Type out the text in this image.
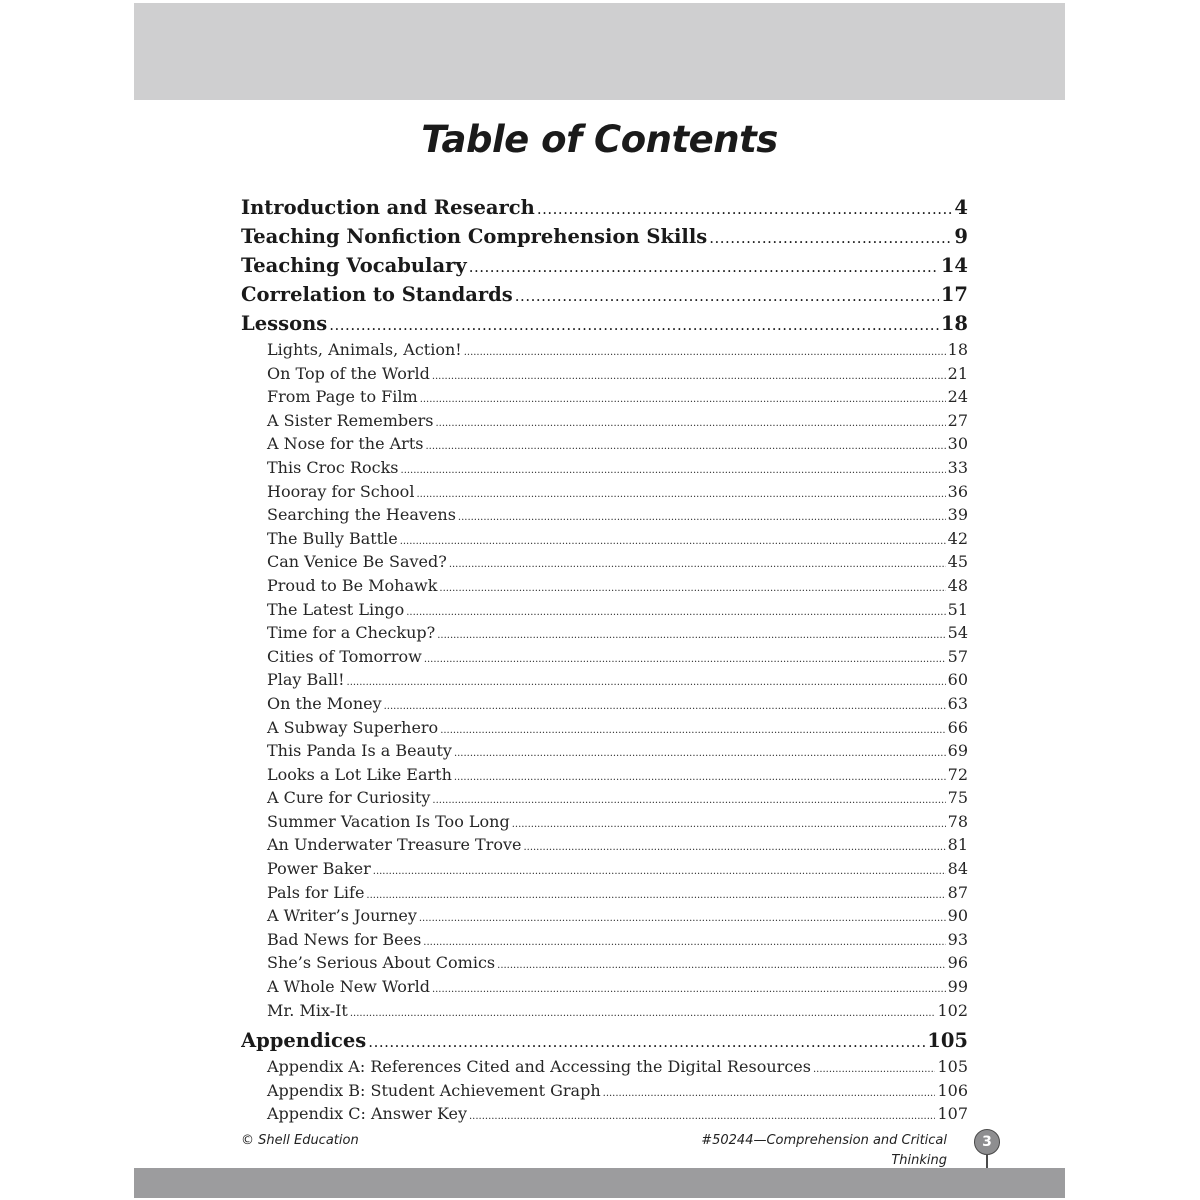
Table of Contents
Introduction and Research .....	4
Teaching Nonfiction Comprehension Skills .....	9
Teaching Vocabulary .....	14
Correlation to Standards .....	17
Lessons .....	18
Lights, Animals, Action! .....	18
On Top of the World .....	21
From Page to Film .....	24
A Sister Remembers .....	27
A Nose for the Arts .....	30
This Croc Rocks .....	33
Hooray for School .....	36
Searching the Heavens .....	39
The Bully Battle .....	42
Can Venice Be Saved? .....	45
Proud to Be Mohawk .....	48
The Latest Lingo .....	51
Time for a Checkup? .....	54
Cities of Tomorrow .....	57
Play Ball! .....	60
On the Money .....	63
A Subway Superhero .....	66
This Panda Is a Beauty .....	69
Looks a Lot Like Earth .....	72
A Cure for Curiosity .....	75
Summer Vacation Is Too Long .....	78
An Underwater Treasure Trove .....	81
Power Baker .....	84
Pals for Life .....	87
A Writer’s Journey .....	90
Bad News for Bees .....	93
She’s Serious About Comics .....	96
A Whole New World .....	99
Mr. Mix-It .....	102
Appendices .....	105
Appendix A: References Cited and Accessing the Digital Resources .....	105
Appendix B: Student Achievement Graph .....	106
Appendix C: Answer Key .....	107
© Shell Education	#50244—Comprehension and Critical Thinking
3
